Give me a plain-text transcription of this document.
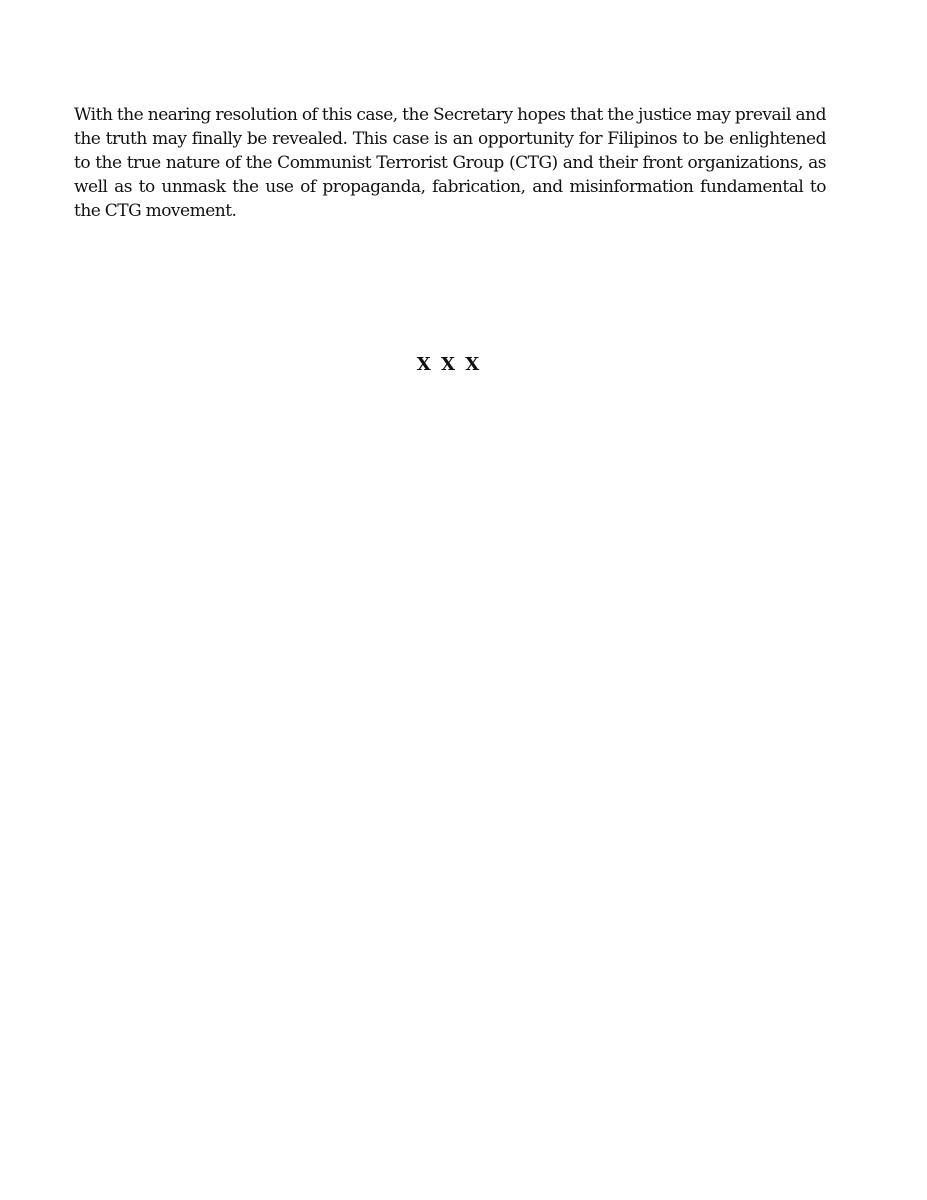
With the nearing resolution of this case, the Secretary hopes that the justice may prevail and the truth may finally be revealed. This case is an opportunity for Filipinos to be enlightened to the true nature of the Communist Terrorist Group (CTG) and their front organizations, as well as to unmask the use of propaganda, fabrication, and misinformation fundamental to the CTG movement.

X X X
